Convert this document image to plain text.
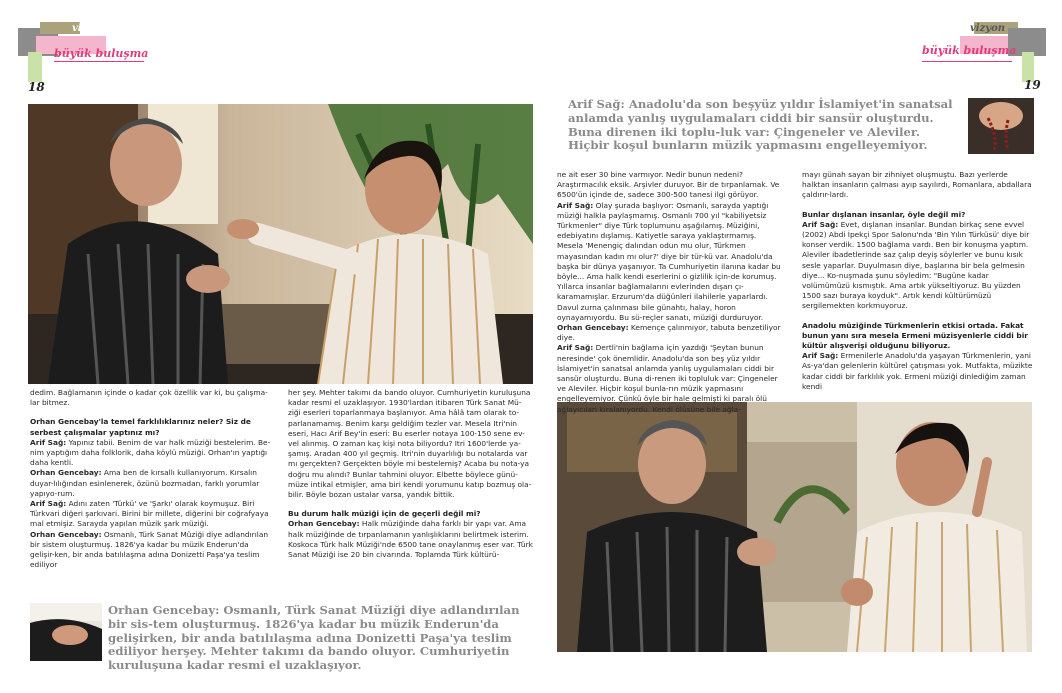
vizyon
büyük buluşma
18
vizyon
büyük buluşma
19
Arif Sağ: Anadolu'da son beşyüz yıldır İslamiyet'in sanatsal anlamda yanlış uygulamaları ciddi bir sansür oluşturdu. Buna direnen iki toplu-luk var: Çingeneler ve Aleviler. Hiçbir koşul bunların müzik yapmasını engelleyemiyor.
Orhan Gencebay: Osmanlı, Türk Sanat Müziği diye adlandırılan bir sis-tem oluşturmuş. 1826'ya kadar bu müzik Enderun'da gelişirken, bir anda batılılaşma adına Donizetti Paşa'ya teslim ediliyor herşey. Mehter takımı da bando oluyor. Cumhuriyetin kuruluşuna kadar resmi el uzaklaşıyor.

dedim. Bağlamanın içinde o kadar çok özellik var ki, bu çalışma-lar bitmez.

Orhan Gencebay'la temel farklılıklarınız neler? Siz de serbest çalışmalar yaptınız mı?

Arif Sağ: Yapınız tabii. Benim de var halk müziği bestelerim. Be-nim yaptığım daha folklorik, daha köylü müziği. Orhan'ın yaptığı daha kentli.
Orhan Gencebay: Ama ben de kırsallı kullanıyorum. Kırsalın duyar-lılığından esinlenerek, özünü bozmadan, farklı yorumlar yapıyo-rum.
Arif Sağ: Adını zaten 'Türkü' ve 'Şarkı' olarak koymuşuz. Biri Türkvari diğeri şarkıvari. Birini bir millete, diğerini bir coğrafyaya mal etmişiz. Sarayda yapılan müzik şark müziği.
Orhan Gencebay: Osmanlı, Türk Sanat Müziği diye adlandırılan bir sistem oluşturmuş. 1826'ya kadar bu müzik Enderun'da gelişir-ken, bir anda batılılaşma adına Donizetti Paşa'ya teslim ediliyor

her şey. Mehter takımı da bando oluyor. Cumhuriyetin kuruluşuna kadar resmi el uzaklaşıyor. 1930'lardan itibaren Türk Sanat Mü-ziği eserleri toparlanmaya başlanıyor. Ama hâlâ tam olarak to-parlanamamış. Benim karşı geldiğim tezler var. Mesela Itri'nin eseri, Hacı Arif Bey'in eseri: Bu eserler notaya 100-150 sene ev-vel alınmış. O zaman kaç kişi nota biliyordu? Itri 1600'lerde ya-şamış. Aradan 400 yıl geçmiş. Itri'nin duyarlılığı bu notalarda var mı gerçekten? Gerçekten böyle mi bestelemiş? Acaba bu nota-ya doğru mu alındı? Bunlar tahmini oluyor. Elbette böylece günü-müze intikal etmişler, ama biri kendi yorumunu katıp bozmuş ola-bilir. Böyle bozan ustalar varsa, yandık bittik.

Bu durum halk müziği için de geçerli değil mi?

Orhan Gencebay: Halk müziğinde daha farklı bir yapı var. Ama halk müziğinde de tırpanlamanın yanlışlıklarını belirtmek isterim. Koskoca Türk halk Müziği'nde 6500 tane onaylanmış eser var. Türk Sanat Müziği ise 20 bin civarında. Toplamda Türk kültürü-
ne ait eser 30 bine varmıyor. Nedir bunun nedeni? Araştırmacılık eksik. Arşivler duruyor. Bir de tırpanlamak. Ve 6500'ün içinde de, sadece 300-500 tanesi ilgi görüyor.
Arif Sağ: Olay şurada başlıyor: Osmanlı, sarayda yaptığı müziği halkla paylaşmamış. Osmanlı 700 yıl "kabiliyetsiz Türkmenler" diye Türk toplumunu aşağılamış. Müziğini, edebiyatını dışlamış. Katiyetle saraya yaklaştırmamış. Mesela 'Menengiç dalından odun mu olur, Türkmen mayasından kadın mı olur?' diye bir tür-kü var. Anadolu'da başka bir dünya yaşanıyor. Ta Cumhuriyetin ilanına kadar bu böyle... Ama halk kendi eserlerini o gizlilik için-de korumuş. Yıllarca insanlar bağlamalarını evlerinden dışarı çı-karamamışlar. Erzurum'da düğünleri ilahilerle yaparlardı. Davul zurna çalınması bile günahtı, halay, horon oynayamıyordu. Bu sü-reçler sanatı, müziği durduruyor.
Orhan Gencebay: Kemençe çalınmıyor, tabuta benzetiliyor diye.
Arif Sağ: Dertli'nin bağlama için yazdığı 'Şeytan bunun neresinde' çok önemlidir. Anadolu'da son beş yüz yıldır İslamiyet'in sanatsal anlamda yanlış uygulamaları ciddi bir sansür oluşturdu. Buna di-renen iki topluluk var: Çingeneler ve Aleviler. Hiçbir koşul bunla-rın müzik yapmasını engelleyemiyor. Çünkü öyle bir hale gelmişti ki paralı ölü ağlayıcıları kiralanıyordu. Kendi ölüsüne bile ağla-

mayı günah sayan bir zihniyet oluşmuştu. Bazı yerlerde halktan insanların çalması ayıp sayılırdı, Romanlara, abdallara çaldırır-lardı.

Bunlar dışlanan insanlar, öyle değil mi?

Arif Sağ: Evet, dışlanan insanlar. Bundan birkaç sene evvel (2002) Abdi İpekçi Spor Salonu'nda 'Bin Yılın Türküsü' diye bir konser verdik. 1500 bağlama vardı. Ben bir konuşma yaptım. Aleviler ibadetlerinde saz çalıp deyiş söylerler ve bunu kısık sesle yaparlar. Duyulmasın diye, başlarına bir bela gelmesin diye... Ko-nuşmada şunu söyledim: "Bugüne kadar volümümüzü kısmıştık. Ama artık yükseltiyoruz. Bu yüzden 1500 sazı buraya koyduk". Artık kendi kültürümüzü sergilemekten korkmuyoruz.

Anadolu müziğinde Türkmenlerin etkisi ortada. Fakat bunun yanı sıra mesela Ermeni müzisyenlerle ciddi bir kültür alışverişi olduğunu biliyoruz.

Arif Sağ: Ermenilerle Anadolu'da yaşayan Türkmenlerin, yani As-ya'dan gelenlerin kültürel çatışması yok. Mutfakta, müzikte kadar ciddi bir farklılık yok. Ermeni müziği dinlediğim zaman kendi
